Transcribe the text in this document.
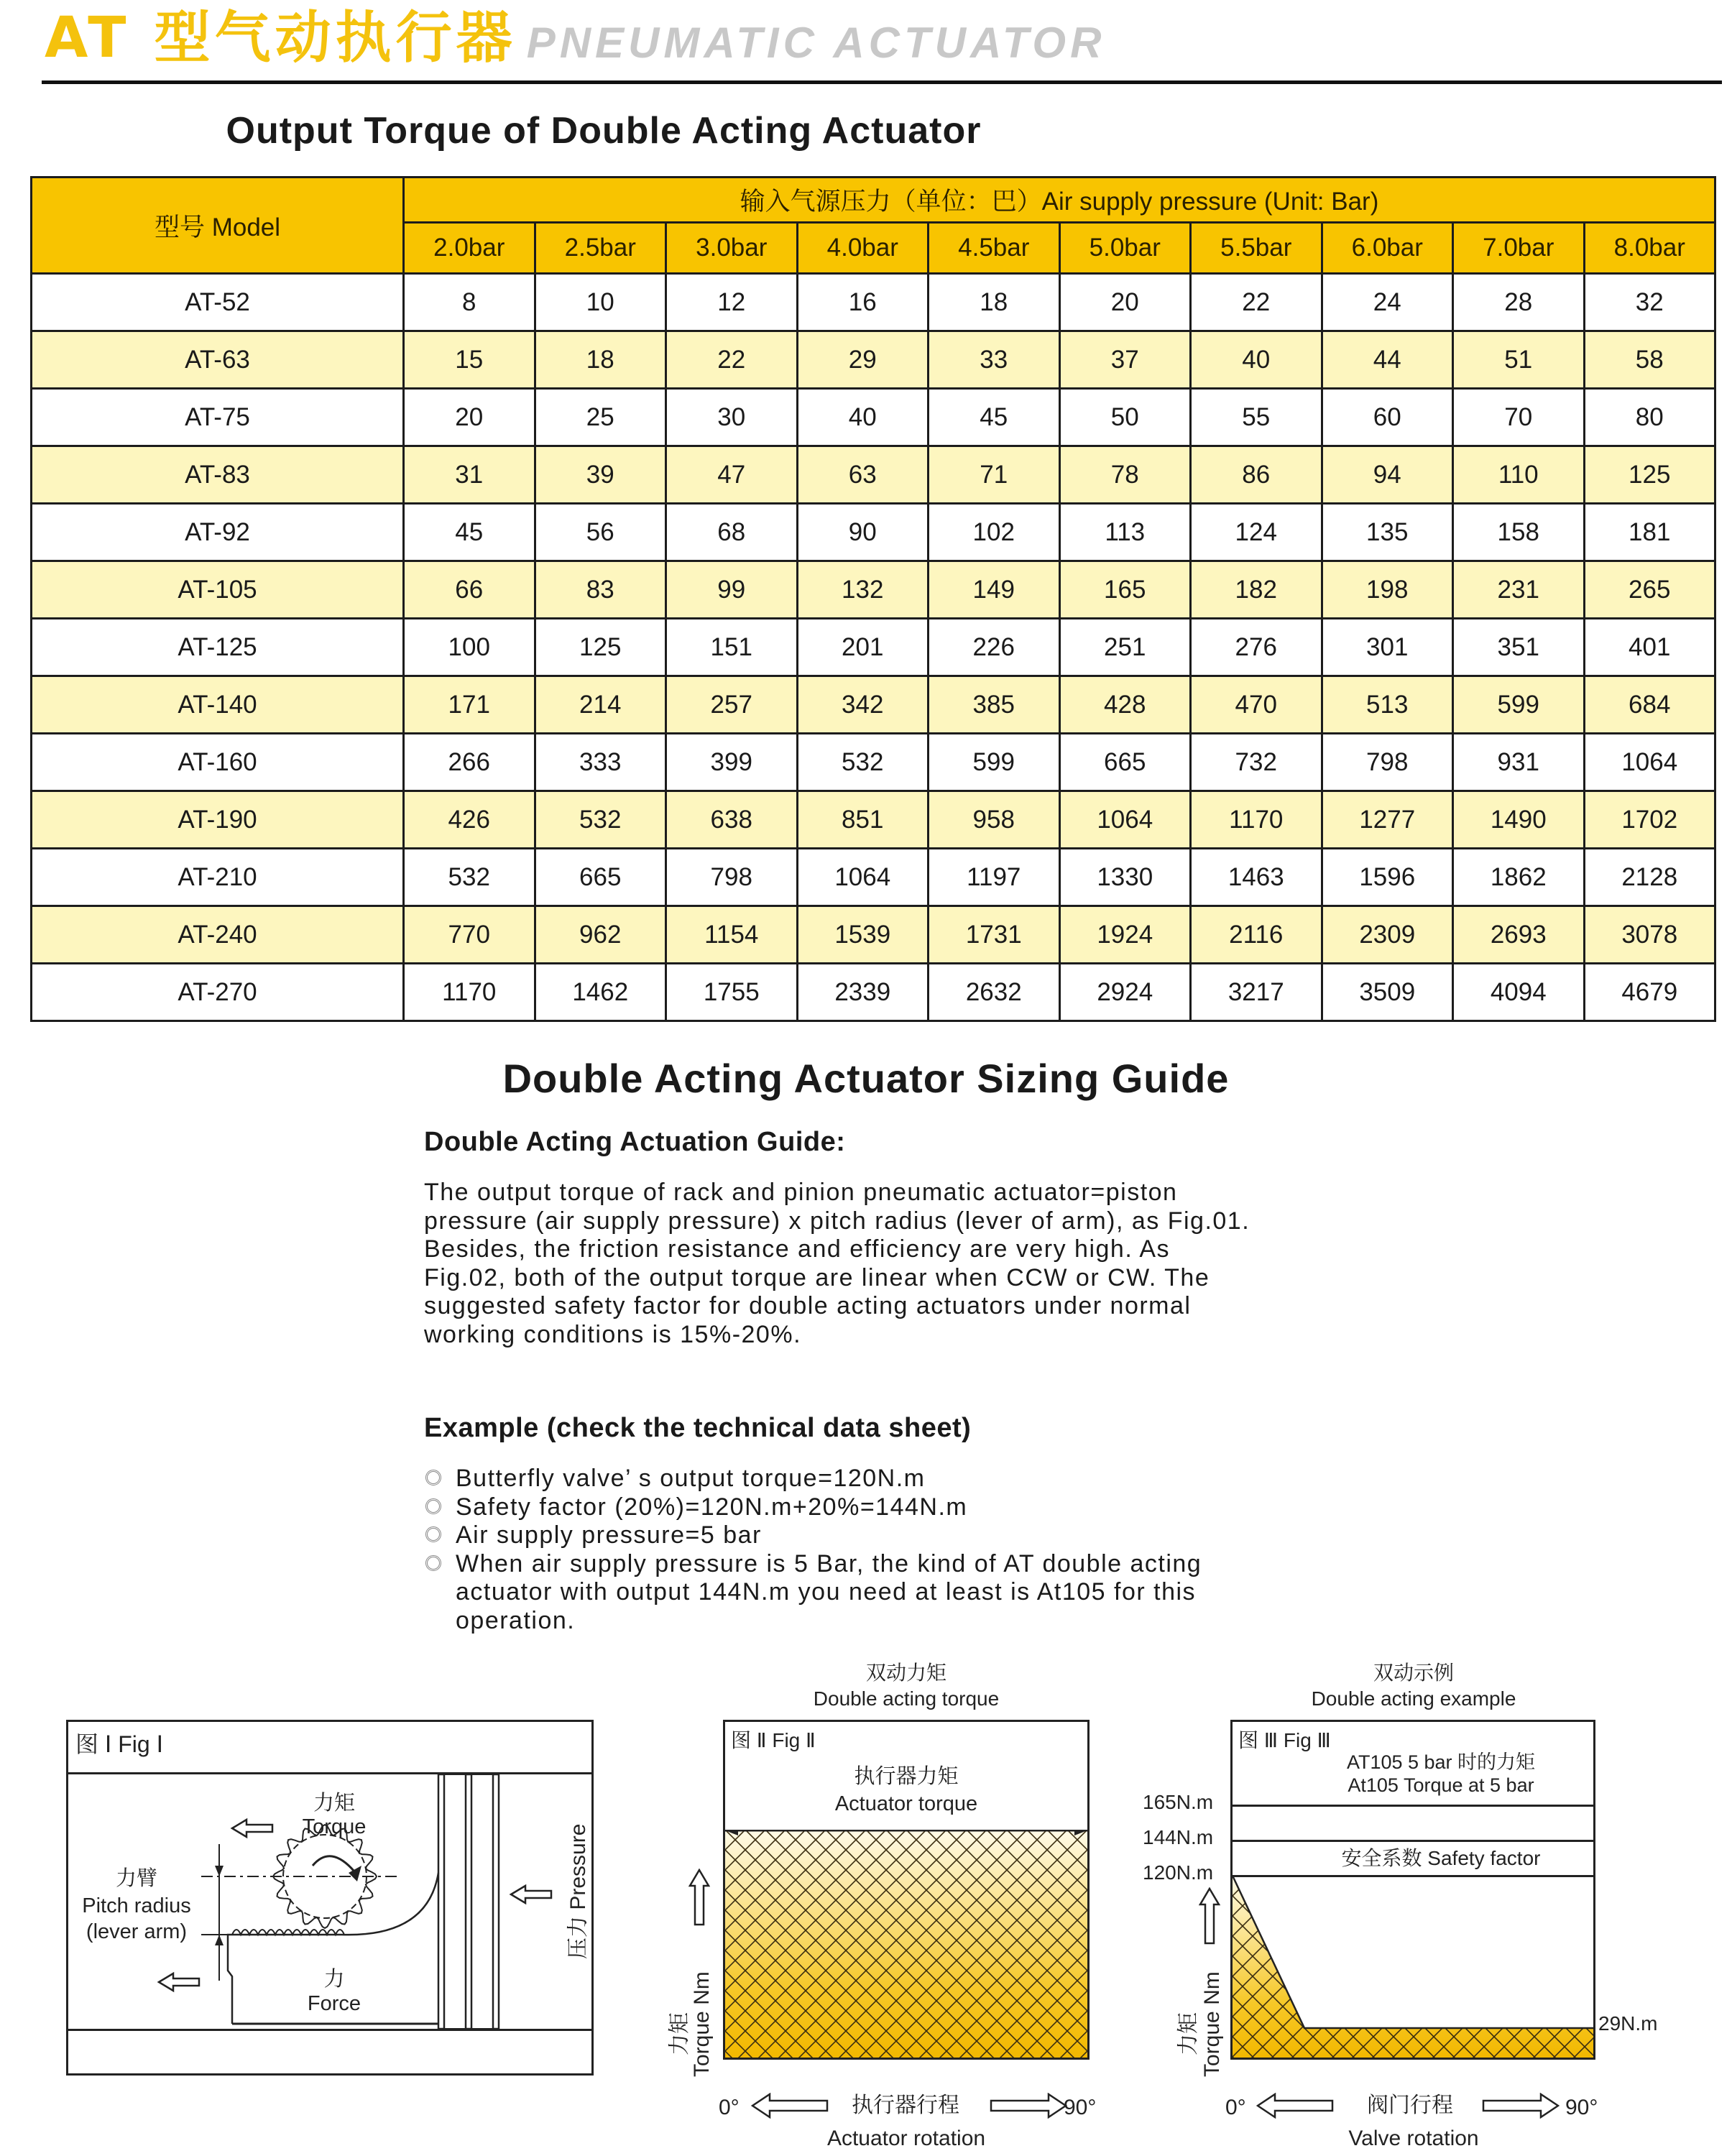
AT 型气动执行器 PNEUMATIC ACTUATOR
Output Torque of Double Acting Actuator
型号 Model	输入气源压力（单位：巴）Air supply pressure (Unit: Bar)									
	2.0bar	2.5bar	3.0bar	4.0bar	4.5bar	5.0bar	5.5bar	6.0bar	7.0bar	8.0bar
AT-52	8	10	12	16	18	20	22	24	28	32
AT-63	15	18	22	29	33	37	40	44	51	58
AT-75	20	25	30	40	45	50	55	60	70	80
AT-83	31	39	47	63	71	78	86	94	110	125
AT-92	45	56	68	90	102	113	124	135	158	181
AT-105	66	83	99	132	149	165	182	198	231	265
AT-125	100	125	151	201	226	251	276	301	351	401
AT-140	171	214	257	342	385	428	470	513	599	684
AT-160	266	333	399	532	599	665	732	798	931	1064
AT-190	426	532	638	851	958	1064	1170	1277	1490	1702
AT-210	532	665	798	1064	1197	1330	1463	1596	1862	2128
AT-240	770	962	1154	1539	1731	1924	2116	2309	2693	3078
AT-270	1170	1462	1755	2339	2632	2924	3217	3509	4094	4679
Double Acting Actuator Sizing Guide
Double Acting Actuation Guide:
The output torque of rack and pinion pneumatic actuator=piston pressure (air supply pressure) x pitch radius (lever of arm), as Fig.01. Besides, the friction resistance and efficiency are very high. As Fig.02, both of the output torque are linear when CCW or CW. The suggested safety factor for double acting actuators under normal working conditions is 15%-20%.
Example (check the technical data sheet)
Butterfly valve’ s output torque=120N.m
Safety factor (20%)=120N.m+20%=144N.m
Air supply pressure=5 bar
When air supply pressure is 5 Bar, the kind of AT double acting actuator with output 144N.m you need at least is At105 for this operation.
图 Ⅰ Fig Ⅰ
力矩
Torque
力臂
Pitch radius
(lever arm)
力
Force
压力 Pressure
双动力矩
Double acting torque
图 Ⅱ Fig Ⅱ
执行器力矩
Actuator torque
力矩
Torque Nm
0°	执行器行程	90°
Actuator rotation
双动示例
Double acting example
图 Ⅲ Fig Ⅲ
AT105 5 bar 时的力矩
At105 Torque at 5 bar
安全系数 Safety factor
165N.m
144N.m
120N.m
29N.m
力矩 Torque Nm
0°	阀门行程	90°
Valve rotation
